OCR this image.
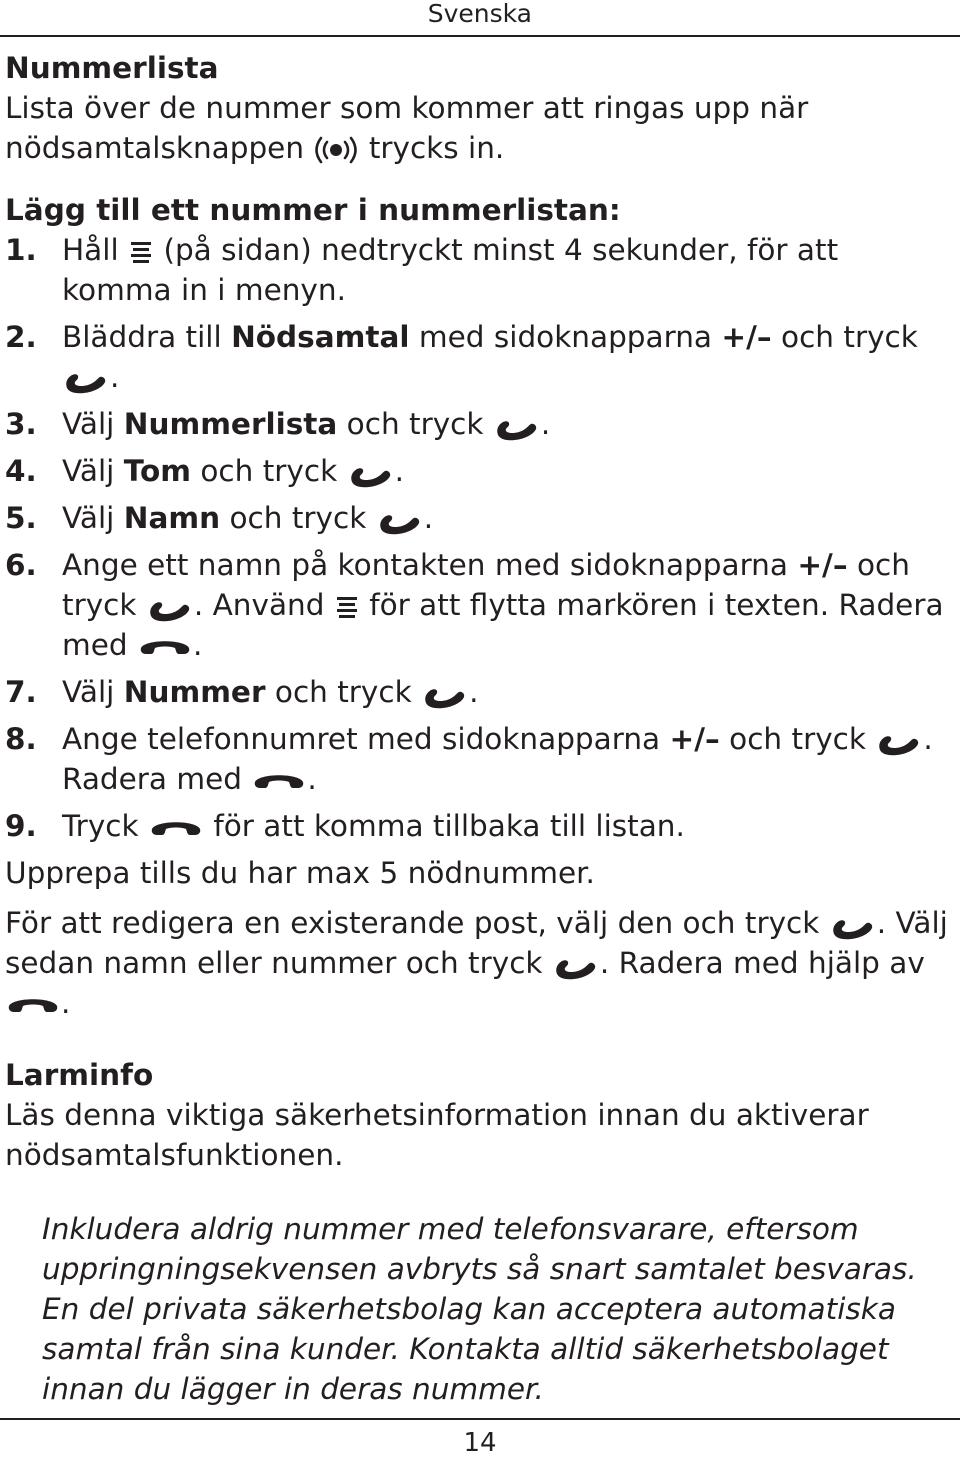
Svenska
Nummerlista

Lista över de nummer som kommer att ringas upp när nödsamtalsknappen trycks in.

Lägg till ett nummer i nummerlistan:
1. Håll (på sidan) nedtryckt minst 4 sekunder, för att komma in i menyn.
2. Bläddra till Nödsamtal med sidoknapparna +/– och tryck
.
3. Välj Nummerlista och tryck .
4. Välj Tom och tryck .
5. Välj Namn och tryck .
6. Ange ett namn på kontakten med sidoknapparna +/– och tryck . Använd för att flytta markören i texten. Radera med .
7. Välj Nummer och tryck .
8. Ange telefonnumret med sidoknapparna +/– och tryck . Radera med .
9. Tryck	för att komma tillbaka till listan.

Upprepa tills du har max 5 nödnummer.

För att redigera en existerande post, välj den och tryck . Välj sedan namn eller nummer och tryck . Radera med hjälp av
.

Larminfo

Läs denna viktiga säkerhetsinformation innan du aktiverar nödsamtalsfunktionen.

Inkludera aldrig nummer med telefonsvarare, eftersom uppringningsekvensen avbryts så snart samtalet besvaras. En del privata säkerhetsbolag kan acceptera automatiska samtal från sina kunder. Kontakta alltid säkerhetsbolaget innan du lägger in deras nummer.

14
